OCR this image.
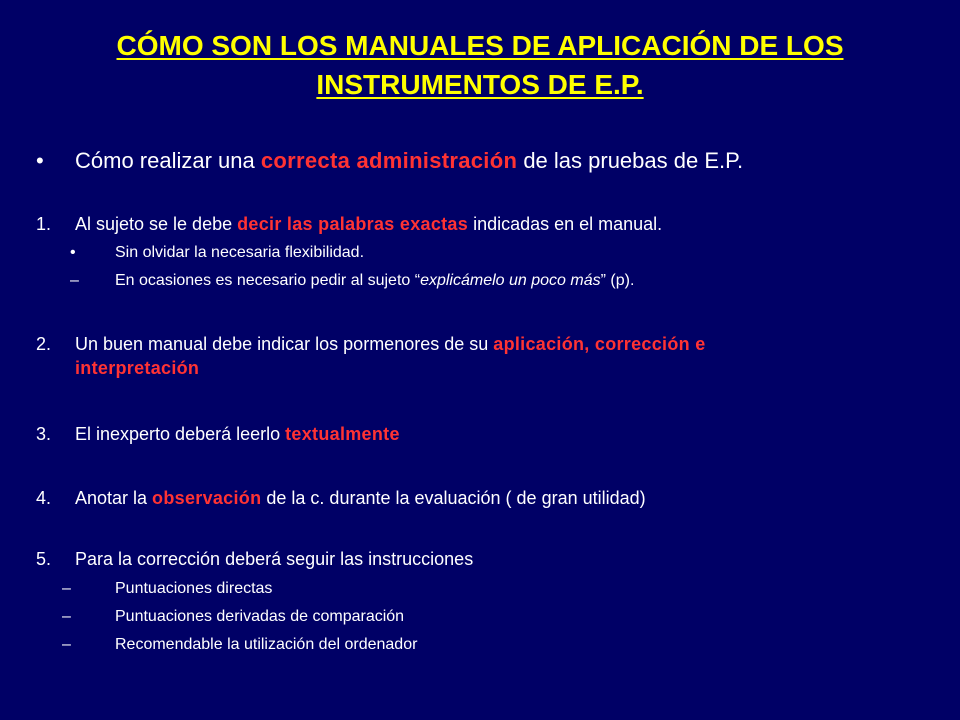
CÓMO SON LOS MANUALES DE APLICACIÓN DE LOS
INSTRUMENTOS DE E.P.
• Cómo realizar una correcta administración de las pruebas de E.P.
1. Al sujeto se le debe decir las palabras exactas indicadas en el manual.
• Sin olvidar la necesaria flexibilidad.
– En ocasiones es necesario pedir al sujeto “explicámelo un poco más” (p).
2. Un buen manual debe indicar los pormenores de su aplicación, corrección e
interpretación
3. El inexperto deberá leerlo textualmente
4. Anotar la observación de la c. durante la evaluación ( de gran utilidad)
5. Para la corrección deberá seguir las instrucciones
–	Puntuaciones directas
–	Puntuaciones derivadas de comparación
–	Recomendable la utilización del ordenador
